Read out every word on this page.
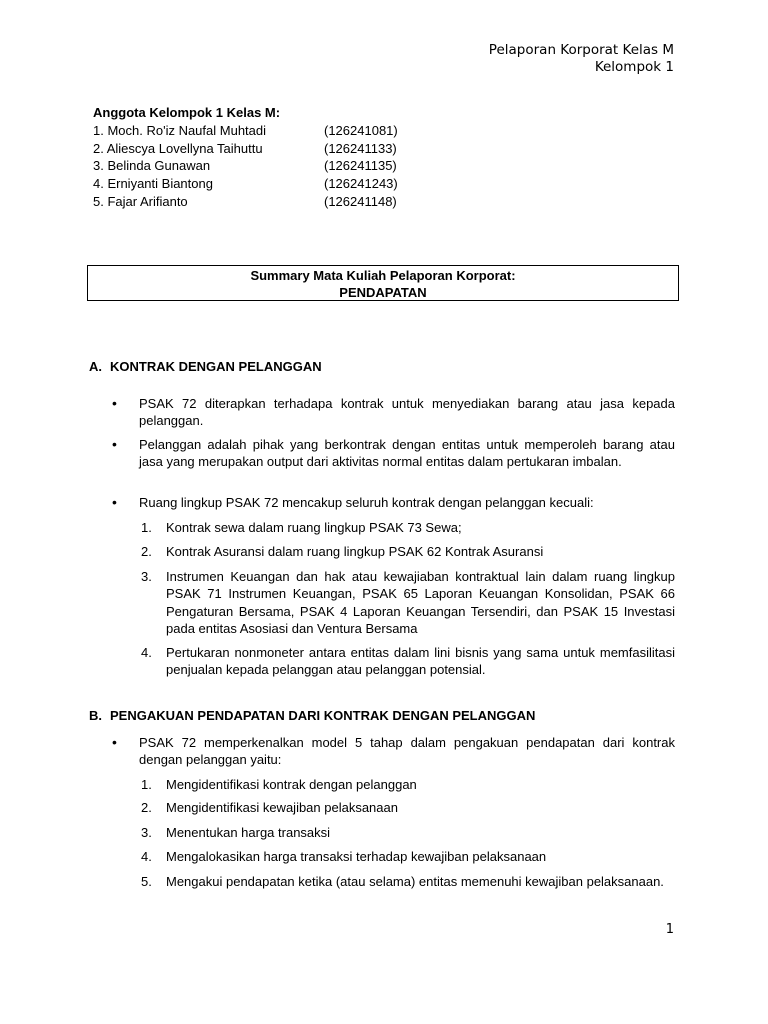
Pelaporan Korporat Kelas M
Kelompok 1
Anggota Kelompok 1 Kelas M:
1. Moch. Ro'iz Naufal Muhtadi	(126241081)
2. Aliescya Lovellyna Taihuttu	(126241133)
3. Belinda Gunawan	(126241135)
4. Erniyanti Biantong	(126241243)
5. Fajar Arifianto	(126241148)
Summary Mata Kuliah Pelaporan Korporat:
PENDAPATAN
A. KONTRAK DENGAN PELANGGAN
•	PSAK 72 diterapkan terhadapa kontrak untuk menyediakan barang atau jasa kepada pelanggan.
•	Pelanggan adalah pihak yang berkontrak dengan entitas untuk memperoleh barang atau jasa yang merupakan output dari aktivitas normal entitas dalam pertukaran imbalan.
•	Ruang lingkup PSAK 72 mencakup seluruh kontrak dengan pelanggan kecuali:
1.	Kontrak sewa dalam ruang lingkup PSAK 73 Sewa;
2.	Kontrak Asuransi dalam ruang lingkup PSAK 62 Kontrak Asuransi
3.	Instrumen Keuangan dan hak atau kewajiaban kontraktual lain dalam ruang lingkup PSAK 71 Instrumen Keuangan, PSAK 65 Laporan Keuangan Konsolidan, PSAK 66 Pengaturan Bersama, PSAK 4 Laporan Keuangan Tersendiri, dan PSAK 15 Investasi pada entitas Asosiasi dan Ventura Bersama
4.	Pertukaran nonmoneter antara entitas dalam lini bisnis yang sama untuk memfasilitasi penjualan kepada pelanggan atau pelanggan potensial.
B. PENGAKUAN PENDAPATAN DARI KONTRAK DENGAN PELANGGAN
•	PSAK 72 memperkenalkan model 5 tahap dalam pengakuan pendapatan dari kontrak dengan pelanggan yaitu:
1.	Mengidentifikasi kontrak dengan pelanggan
2.	Mengidentifikasi kewajiban pelaksanaan
3.	Menentukan harga transaksi
4.	Mengalokasikan harga transaksi terhadap kewajiban pelaksanaan
5.	Mengakui pendapatan ketika (atau selama) entitas memenuhi kewajiban pelaksanaan.
1
